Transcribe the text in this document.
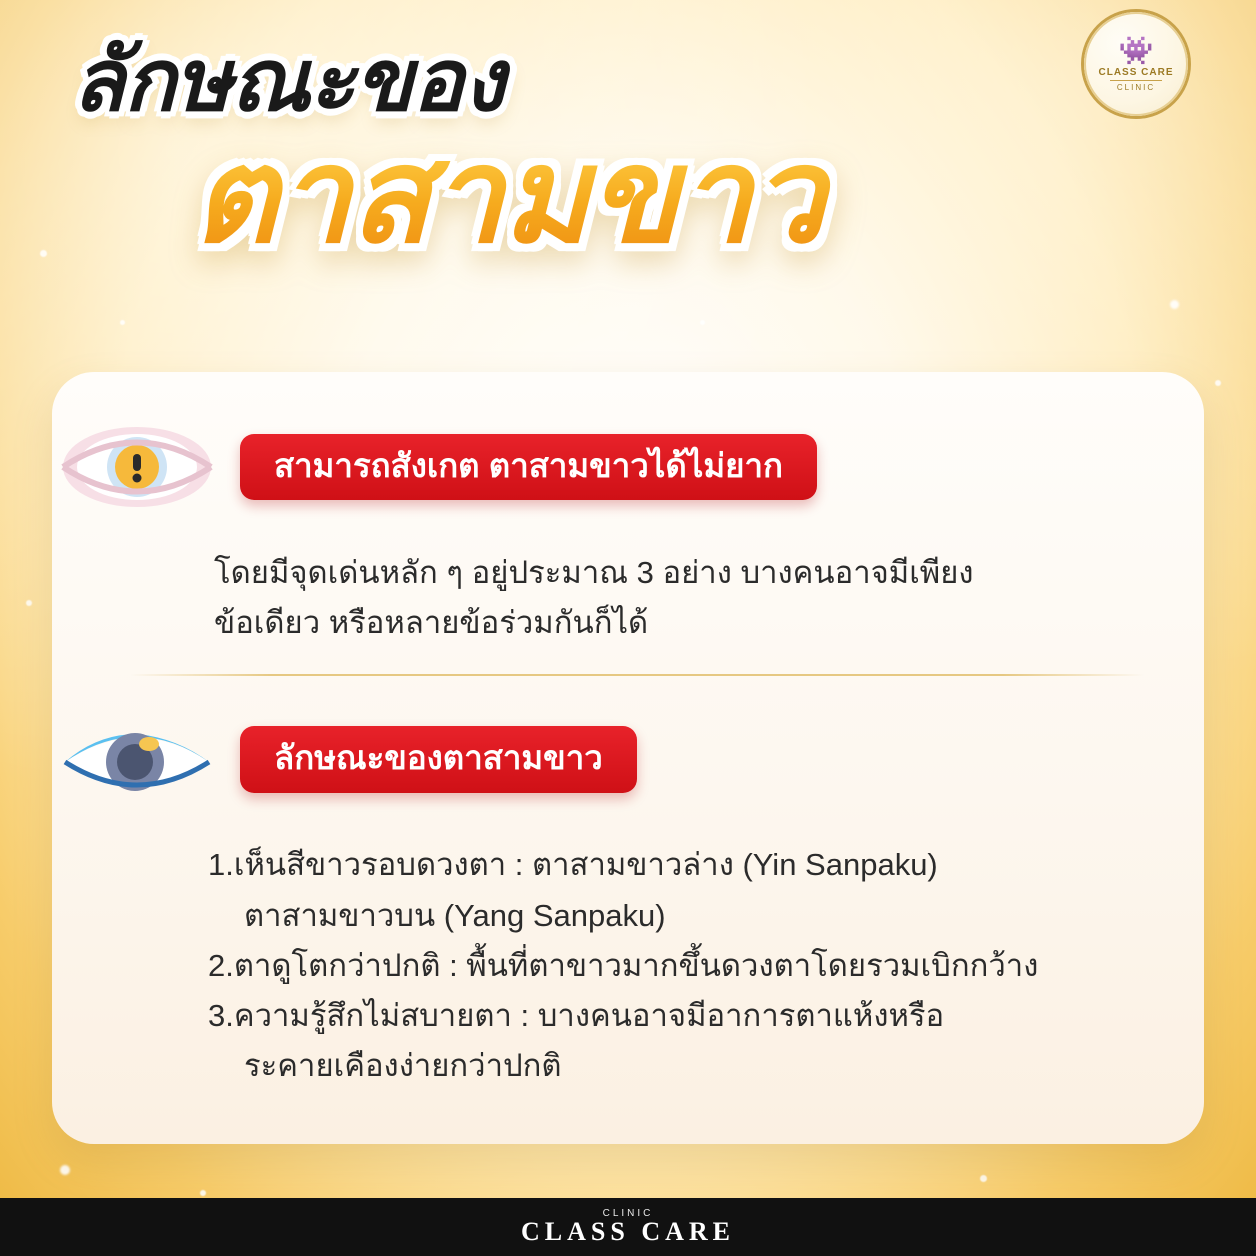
👾
CLASS CARE
CLINIC
ลักษณะของ
ตาสามขาว
สามารถสังเกต ตาสามขาวได้ไม่ยาก
โดยมีจุดเด่นหลัก ๆ อยู่ประมาณ 3 อย่าง บางคนอาจมีเพียง
ข้อเดียว หรือหลายข้อร่วมกันก็ได้
ลักษณะของตาสามขาว
1.เห็นสีขาวรอบดวงตา : ตาสามขาวล่าง (Yin Sanpaku)
ตาสามขาวบน (Yang Sanpaku)
2.ตาดูโตกว่าปกติ : พื้นที่ตาขาวมากขึ้นดวงตาโดยรวมเบิกกว้าง
3.ความรู้สึกไม่สบายตา : บางคนอาจมีอาการตาแห้งหรือ
ระคายเคืองง่ายกว่าปกติ
CLINIC
CLASS CARE
